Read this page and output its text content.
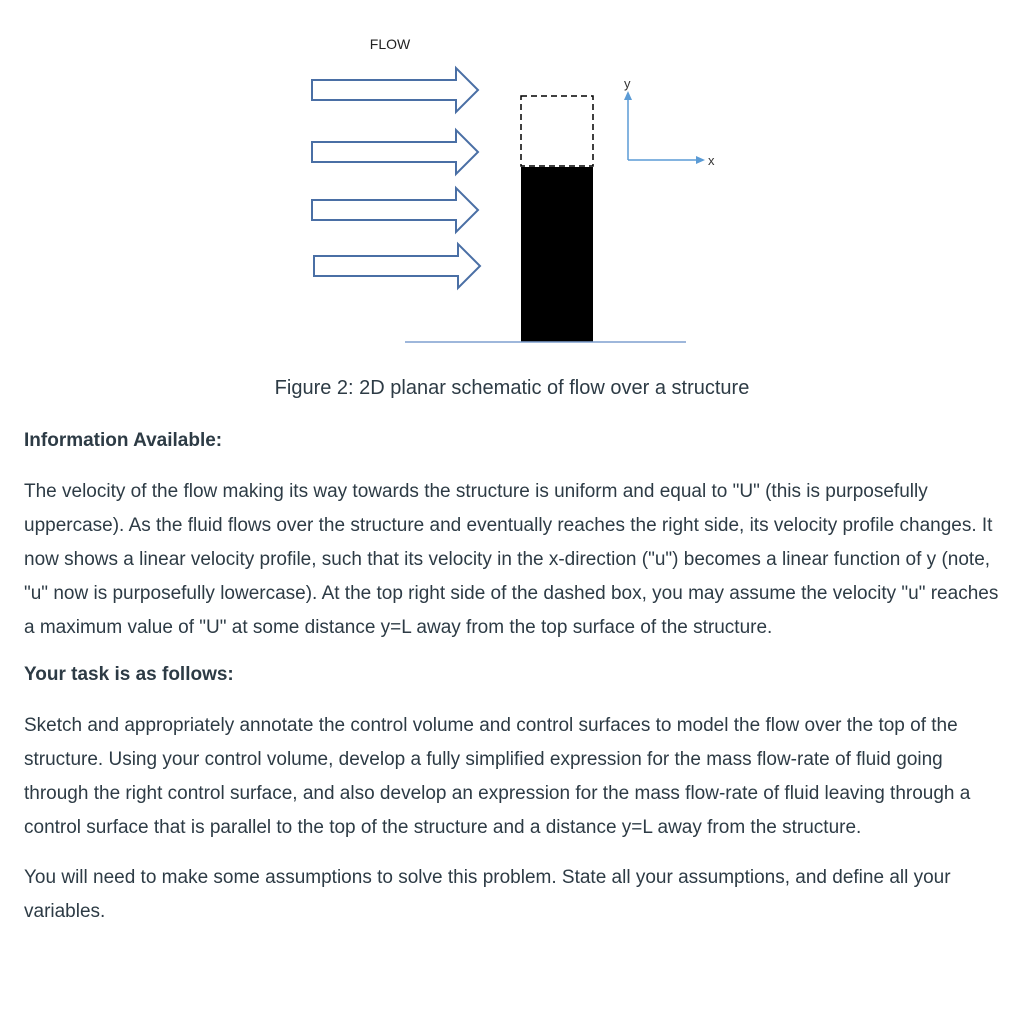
FLOW
y
x
Figure 2: 2D planar schematic of flow over a structure

Information Available:

The velocity of the flow making its way towards the structure is uniform and equal to "U" (this is purposefully uppercase). As the fluid flows over the structure and eventually reaches the right side, its velocity profile changes. It now shows a linear velocity profile, such that its velocity in the x-direction ("u") becomes a linear function of y (note, "u" now is purposefully lowercase). At the top right side of the dashed box, you may assume the velocity "u" reaches a maximum value of "U" at some distance y=L away from the top surface of the structure.

Your task is as follows:

Sketch and appropriately annotate the control volume and control surfaces to model the flow over the top of the structure. Using your control volume, develop a fully simplified expression for the mass flow-rate of fluid going through the right control surface, and also develop an expression for the mass flow-rate of fluid leaving through a control surface that is parallel to the top of the structure and a distance y=L away from the structure.

You will need to make some assumptions to solve this problem. State all your assumptions, and define all your variables.
